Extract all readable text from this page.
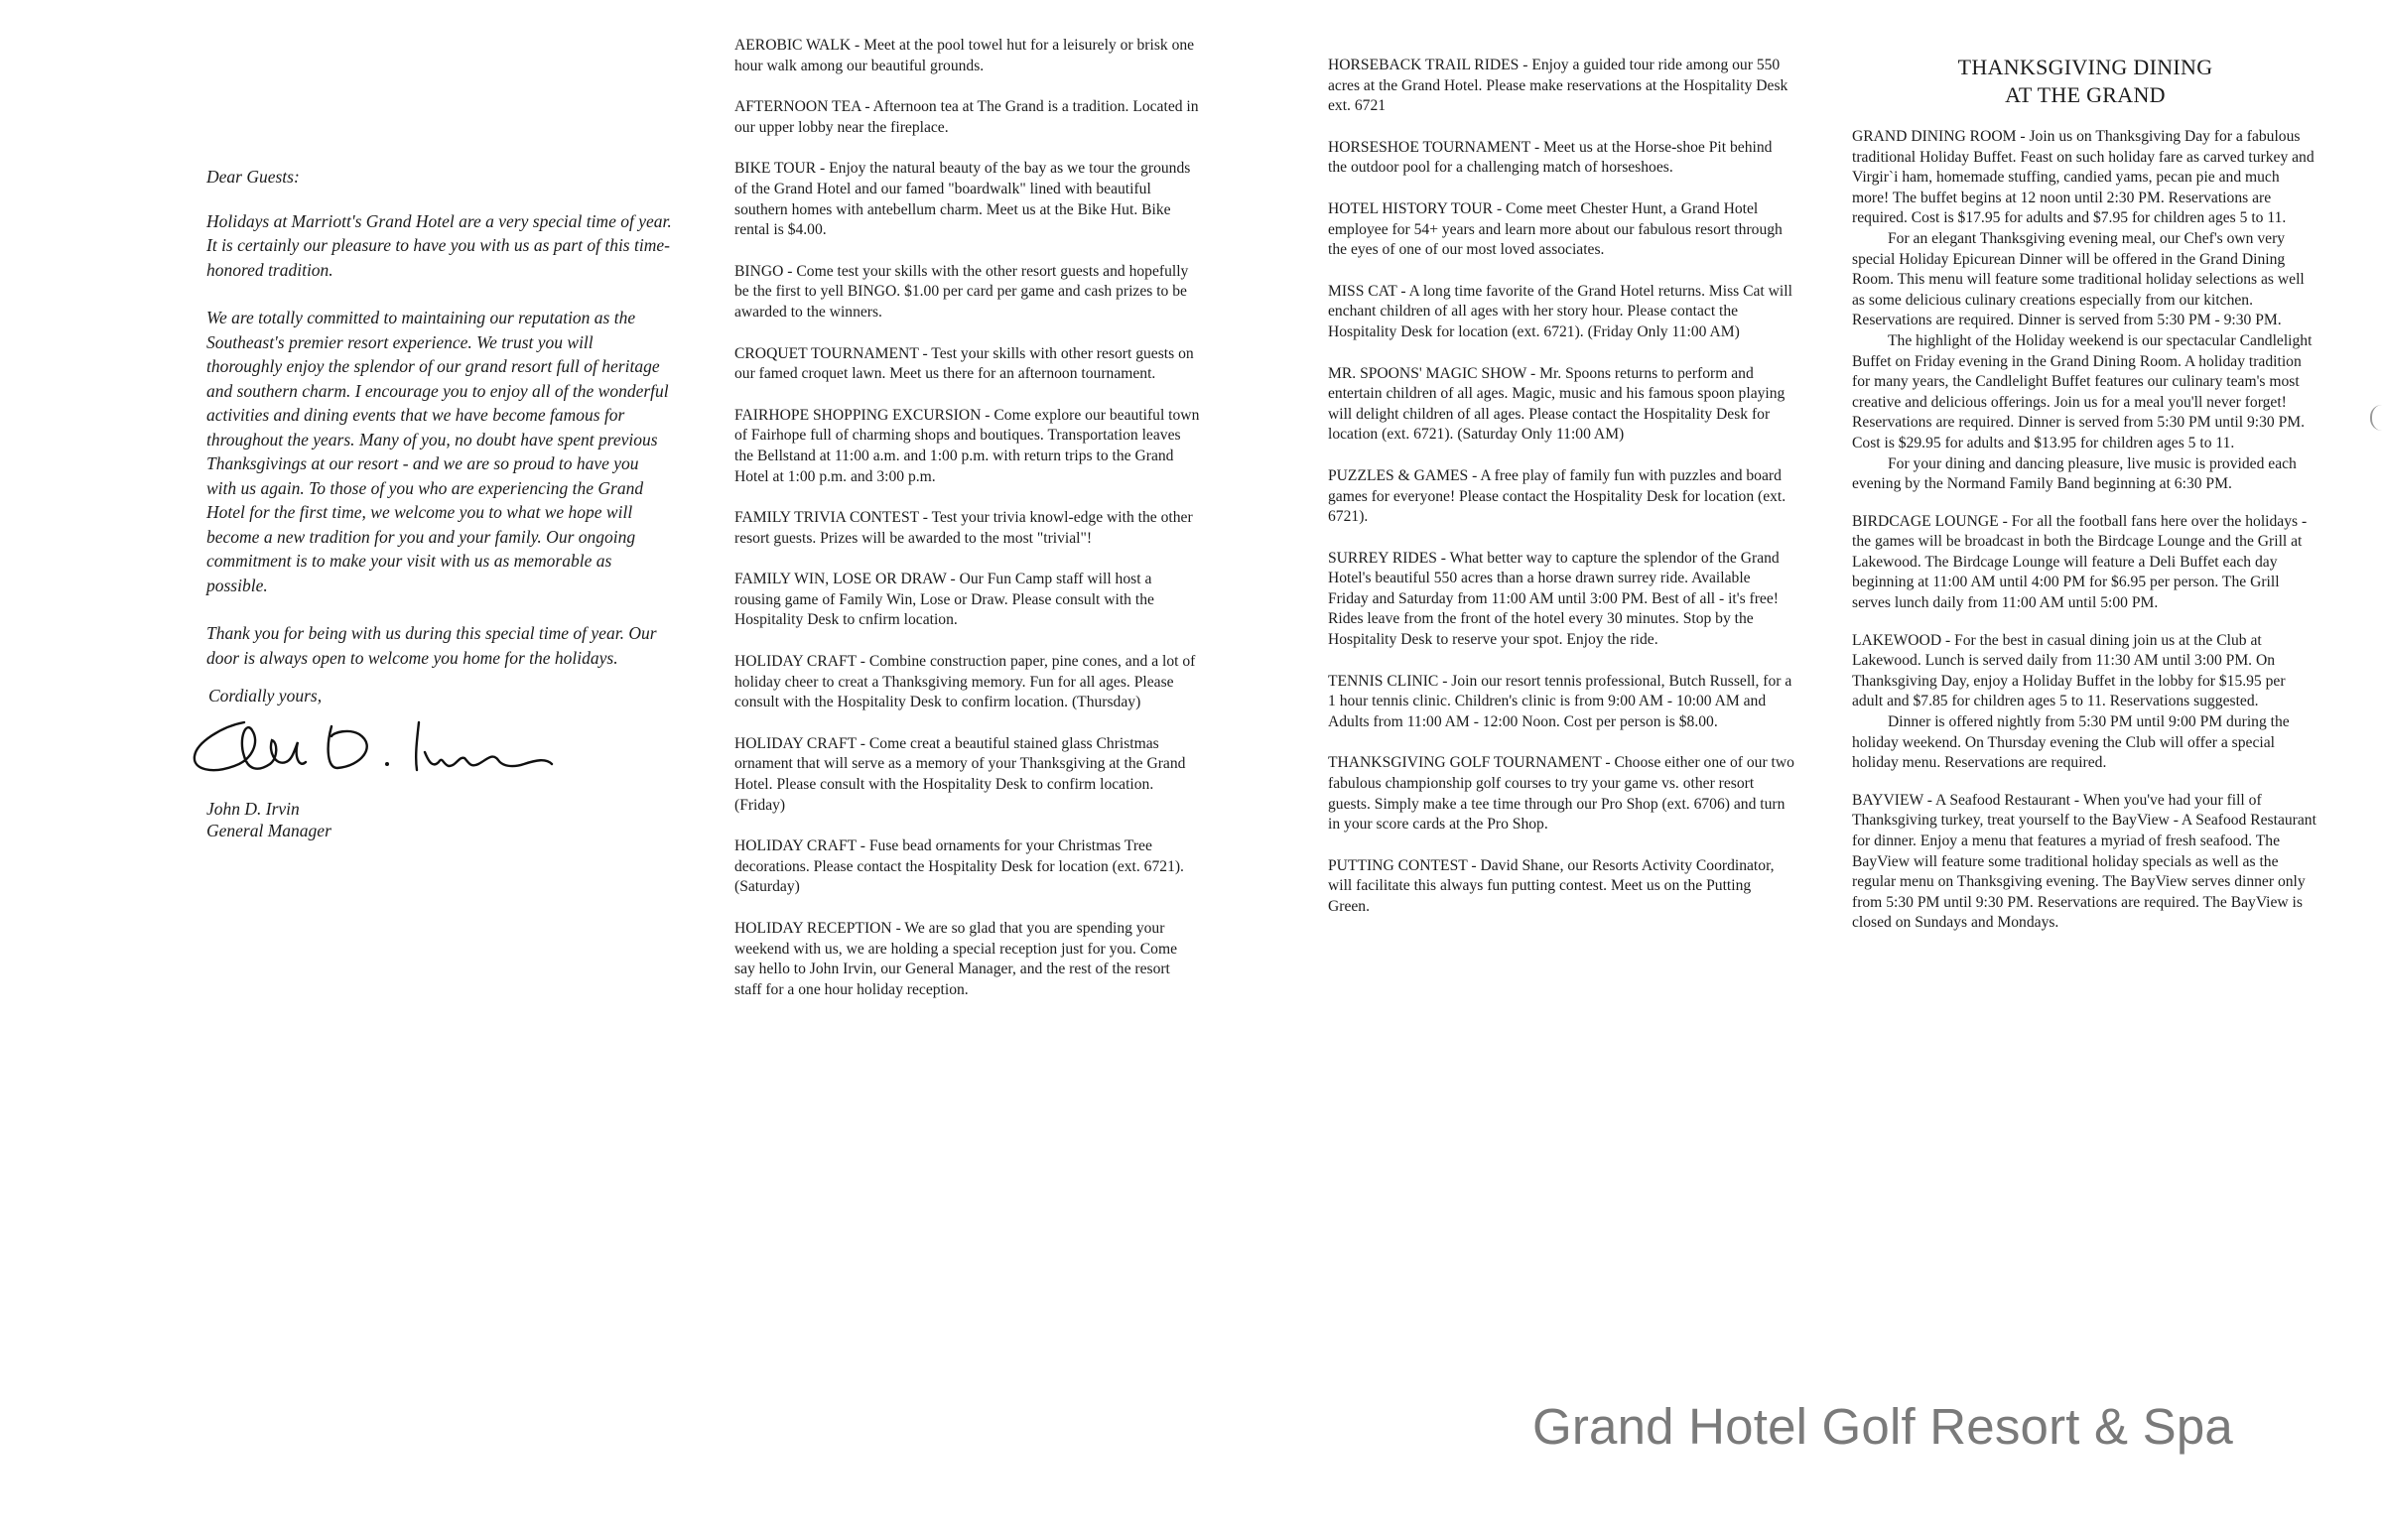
Dear Guests:

Holidays at Marriott's Grand Hotel are a very special time of year. It is certainly our pleasure to have you with us as part of this time-honored tradition.

We are totally committed to maintaining our reputation as the Southeast's premier resort experience. We trust you will thoroughly enjoy the splendor of our grand resort full of heritage and southern charm. I encourage you to enjoy all of the wonderful activities and dining events that we have become famous for throughout the years. Many of you, no doubt have spent previous Thanksgivings at our resort - and we are so proud to have you with us again. To those of you who are experiencing the Grand Hotel for the first time, we welcome you to what we hope will become a new tradition for you and your family. Our ongoing commitment is to make your visit with us as memorable as possible.

Thank you for being with us during this special time of year. Our door is always open to welcome you home for the holidays.

Cordially yours,

John D. Irvin
General Manager

AEROBIC WALK - Meet at the pool towel hut for a leisurely or brisk one hour walk among our beautiful grounds.

AFTERNOON TEA - Afternoon tea at The Grand is a tradition. Located in our upper lobby near the fireplace.

BIKE TOUR - Enjoy the natural beauty of the bay as we tour the grounds of the Grand Hotel and our famed "boardwalk" lined with beautiful southern homes with antebellum charm. Meet us at the Bike Hut. Bike rental is $4.00.

BINGO - Come test your skills with the other resort guests and hopefully be the first to yell BINGO. $1.00 per card per game and cash prizes to be awarded to the winners.

CROQUET TOURNAMENT - Test your skills with other resort guests on our famed croquet lawn. Meet us there for an afternoon tournament.

FAIRHOPE SHOPPING EXCURSION - Come explore our beautiful town of Fairhope full of charming shops and boutiques. Transportation leaves the Bellstand at 11:00 a.m. and 1:00 p.m. with return trips to the Grand Hotel at 1:00 p.m. and 3:00 p.m.

FAMILY TRIVIA CONTEST - Test your trivia knowl-edge with the other resort guests. Prizes will be awarded to the most "trivial"!

FAMILY WIN, LOSE OR DRAW - Our Fun Camp staff will host a rousing game of Family Win, Lose or Draw. Please consult with the Hospitality Desk to cnfirm location.

HOLIDAY CRAFT - Combine construction paper, pine cones, and a lot of holiday cheer to creat a Thanksgiving memory. Fun for all ages. Please consult with the Hospitality Desk to confirm location. (Thursday)

HOLIDAY CRAFT - Come creat a beautiful stained glass Christmas ornament that will serve as a memory of your Thanksgiving at the Grand Hotel. Please consult with the Hospitality Desk to confirm location. (Friday)

HOLIDAY CRAFT - Fuse bead ornaments for your Christmas Tree decorations. Please contact the Hospitality Desk for location (ext. 6721). (Saturday)

HOLIDAY RECEPTION - We are so glad that you are spending your weekend with us, we are holding a special reception just for you. Come say hello to John Irvin, our General Manager, and the rest of the resort staff for a one hour holiday reception.

HORSEBACK TRAIL RIDES - Enjoy a guided tour ride among our 550 acres at the Grand Hotel. Please make reservations at the Hospitality Desk ext. 6721

HORSESHOE TOURNAMENT - Meet us at the Horse-shoe Pit behind the outdoor pool for a challenging match of horseshoes.

HOTEL HISTORY TOUR - Come meet Chester Hunt, a Grand Hotel employee for 54+ years and learn more about our fabulous resort through the eyes of one of our most loved associates.

MISS CAT - A long time favorite of the Grand Hotel returns. Miss Cat will enchant children of all ages with her story hour. Please contact the Hospitality Desk for location (ext. 6721). (Friday Only 11:00 AM)

MR. SPOONS' MAGIC SHOW - Mr. Spoons returns to perform and entertain children of all ages. Magic, music and his famous spoon playing will delight children of all ages. Please contact the Hospitality Desk for location (ext. 6721). (Saturday Only 11:00 AM)

PUZZLES & GAMES - A free play of family fun with puzzles and board games for everyone! Please contact the Hospitality Desk for location (ext. 6721).

SURREY RIDES - What better way to capture the splendor of the Grand Hotel's beautiful 550 acres than a horse drawn surrey ride. Available Friday and Saturday from 11:00 AM until 3:00 PM. Best of all - it's free! Rides leave from the front of the hotel every 30 minutes. Stop by the Hospitality Desk to reserve your spot. Enjoy the ride.

TENNIS CLINIC - Join our resort tennis professional, Butch Russell, for a 1 hour tennis clinic. Children's clinic is from 9:00 AM - 10:00 AM and Adults from 11:00 AM - 12:00 Noon. Cost per person is $8.00.

THANKSGIVING GOLF TOURNAMENT - Choose either one of our two fabulous championship golf courses to try your game vs. other resort guests. Simply make a tee time through our Pro Shop (ext. 6706) and turn in your score cards at the Pro Shop.

PUTTING CONTEST - David Shane, our Resorts Activity Coordinator, will facilitate this always fun putting contest. Meet us on the Putting Green.

THANKSGIVING DINING
AT THE GRAND
GRAND DINING ROOM - Join us on Thanksgiving Day for a fabulous traditional Holiday Buffet. Feast on such holiday fare as carved turkey and Virgir`i ham, homemade stuffing, candied yams, pecan pie and much more! The buffet begins at 12 noon until 2:30 PM. Reservations are required. Cost is $17.95 for adults and $7.95 for children ages 5 to 11.
For an elegant Thanksgiving evening meal, our Chef's own very special Holiday Epicurean Dinner will be offered in the Grand Dining Room. This menu will feature some traditional holiday selections as well as some delicious culinary creations especially from our kitchen. Reservations are required. Dinner is served from 5:30 PM - 9:30 PM.
The highlight of the Holiday weekend is our spectacular Candlelight Buffet on Friday evening in the Grand Dining Room. A holiday tradition for many years, the Candlelight Buffet features our culinary team's most creative and delicious offerings. Join us for a meal you'll never forget! Reservations are required. Dinner is served from 5:30 PM until 9:30 PM. Cost is $29.95 for adults and $13.95 for children ages 5 to 11.
For your dining and dancing pleasure, live music is provided each evening by the Normand Family Band beginning at 6:30 PM.
BIRDCAGE LOUNGE - For all the football fans here over the holidays - the games will be broadcast in both the Birdcage Lounge and the Grill at Lakewood. The Birdcage Lounge will feature a Deli Buffet each day beginning at 11:00 AM until 4:00 PM for $6.95 per person. The Grill serves lunch daily from 11:00 AM until 5:00 PM.
LAKEWOOD - For the best in casual dining join us at the Club at Lakewood. Lunch is served daily from 11:30 AM until 3:00 PM. On Thanksgiving Day, enjoy a Holiday Buffet in the lobby for $15.95 per adult and $7.85 for children ages 5 to 11. Reservations suggested.
Dinner is offered nightly from 5:30 PM until 9:00 PM during the holiday weekend. On Thursday evening the Club will offer a special holiday menu. Reservations are required.
BAYVIEW - A Seafood Restaurant - When you've had your fill of Thanksgiving turkey, treat yourself to the BayView - A Seafood Restaurant for dinner. Enjoy a menu that features a myriad of fresh seafood. The BayView will feature some traditional holiday specials as well as the regular menu on Thanksgiving evening. The BayView serves dinner only from 5:30 PM until 9:30 PM. Reservations are required. The BayView is closed on Sundays and Mondays.
Grand Hotel Golf Resort & Spa
